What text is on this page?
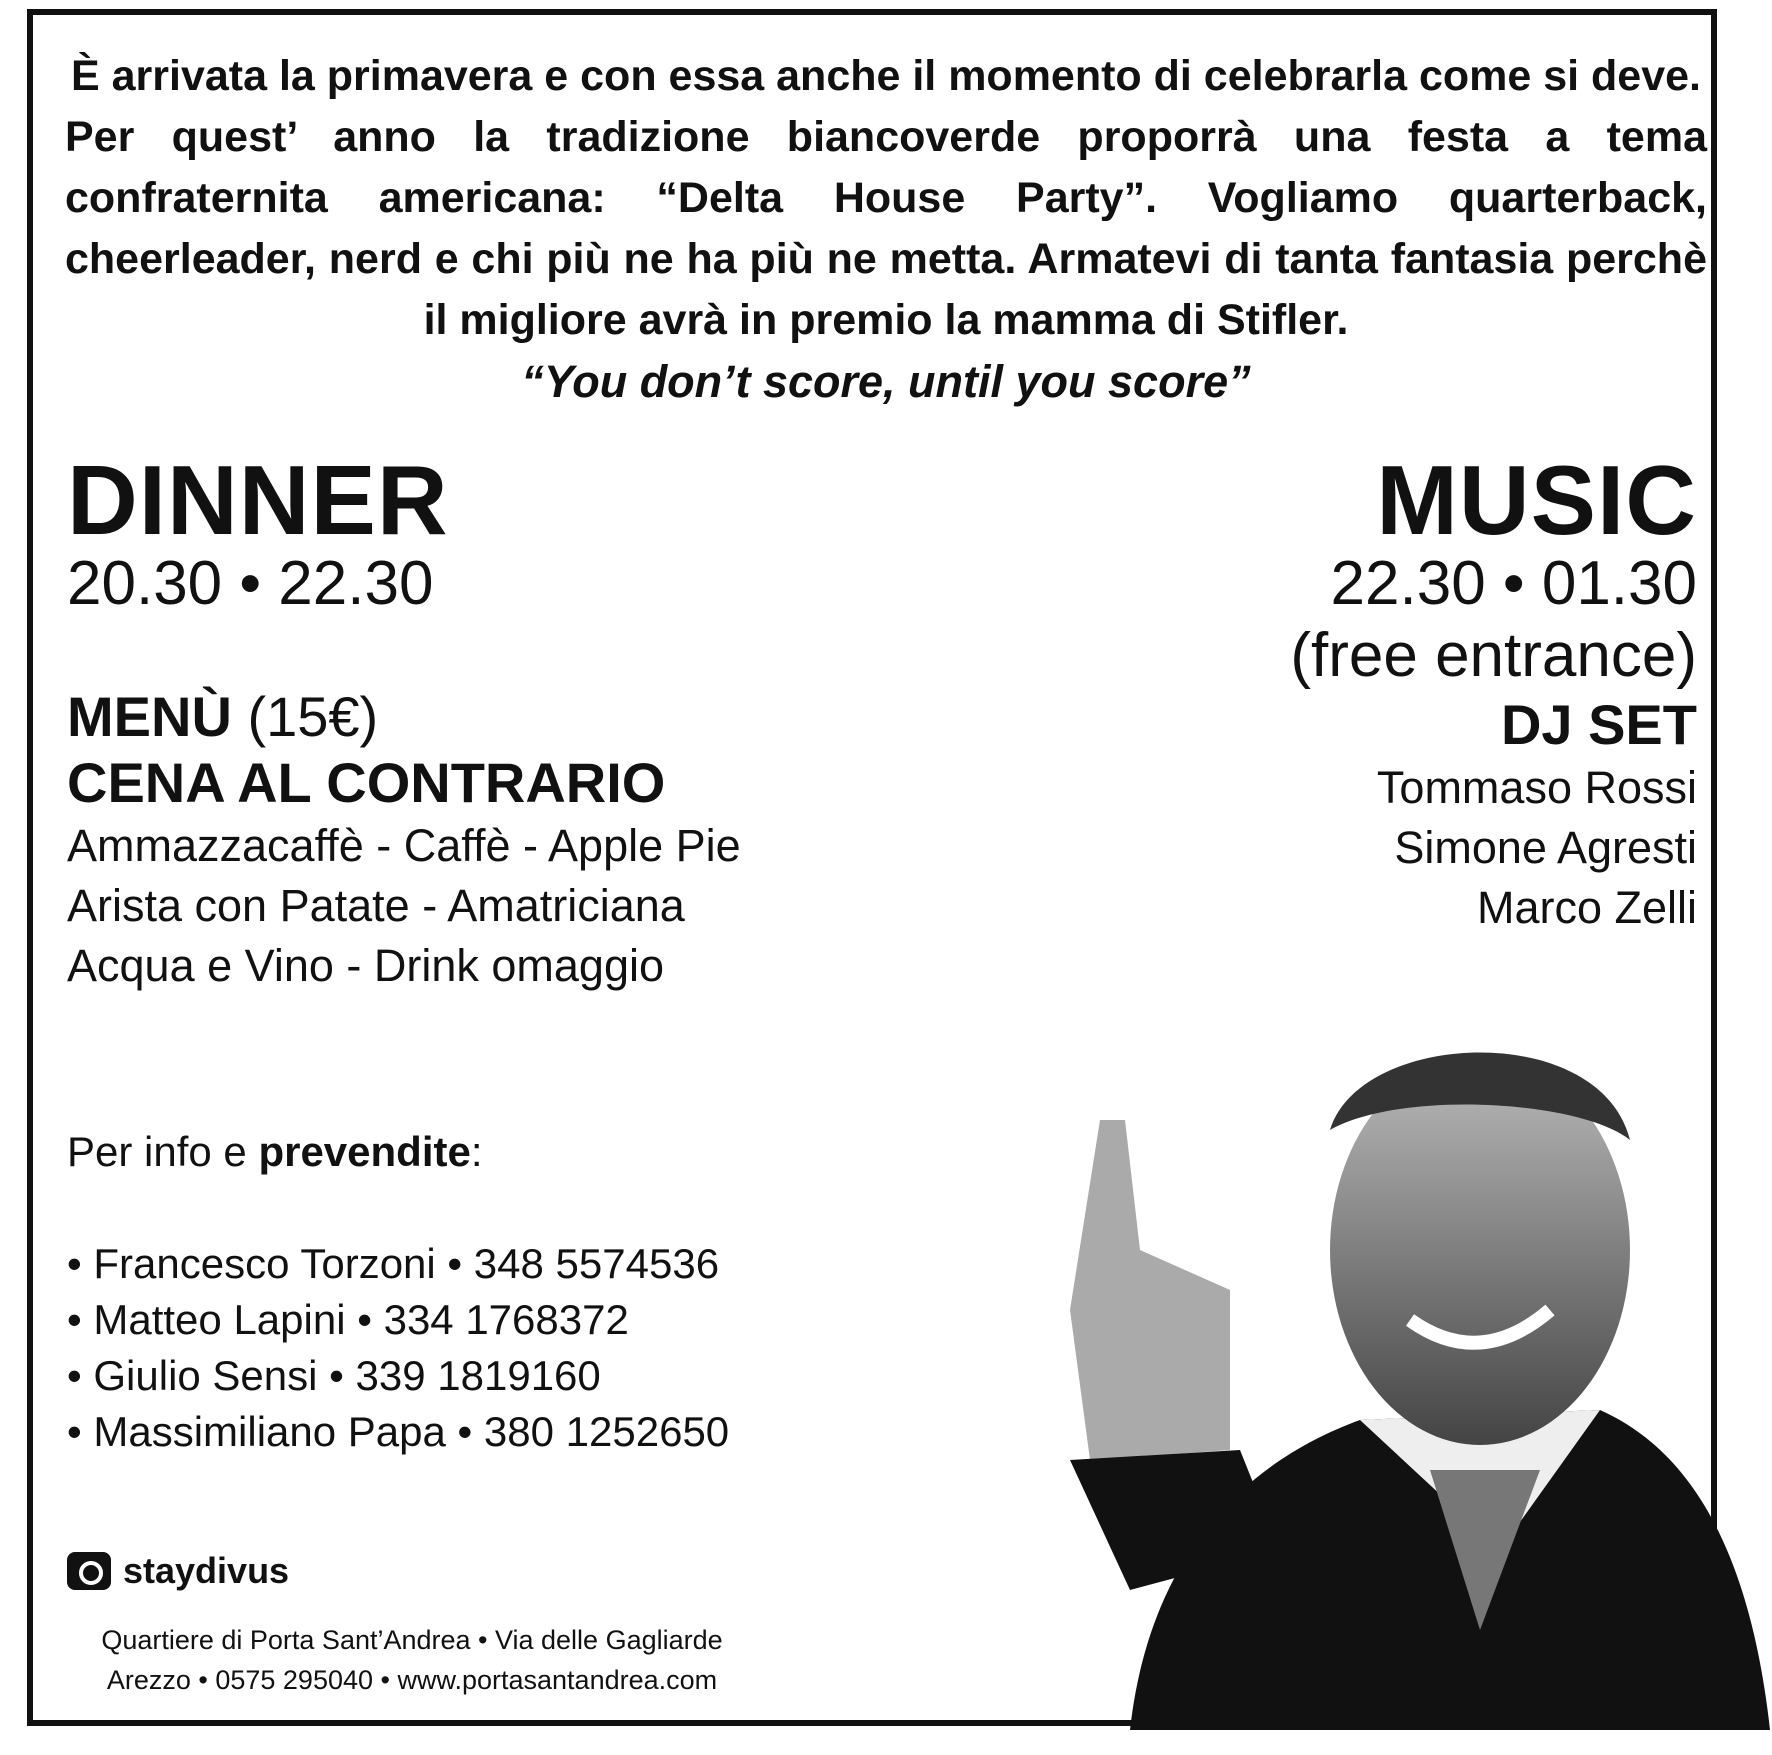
È arrivata la primavera e con essa anche il momento di celebrarla come si deve.
Per quest’ anno la tradizione biancoverde proporrà una festa a tema confraternita americana: “Delta House Party”. Vogliamo quarterback, cheerleader, nerd e chi più ne ha più ne metta. Armatevi di tanta fantasia perchè il migliore avrà in premio la mamma di Stifler.
“You don’t score, until you score”
DINNER
20.30 • 22.30
MENÙ (15€)
CENA AL CONTRARIO
Ammazzacaffè - Caffè - Apple Pie
Arista con Patate - Amatriciana
Acqua e Vino - Drink omaggio
MUSIC
22.30 • 01.30
(free entrance)
DJ SET
Tommaso Rossi
Simone Agresti
Marco Zelli
Per info e prevendite:
• Francesco Torzoni • 348 5574536
• Matteo Lapini • 334 1768372
• Giulio Sensi • 339 1819160
• Massimiliano Papa • 380 1252650
staydivus
Quartiere di Porta Sant’Andrea • Via delle Gagliarde
Arezzo • 0575 295040 • www.portasantandrea.com
